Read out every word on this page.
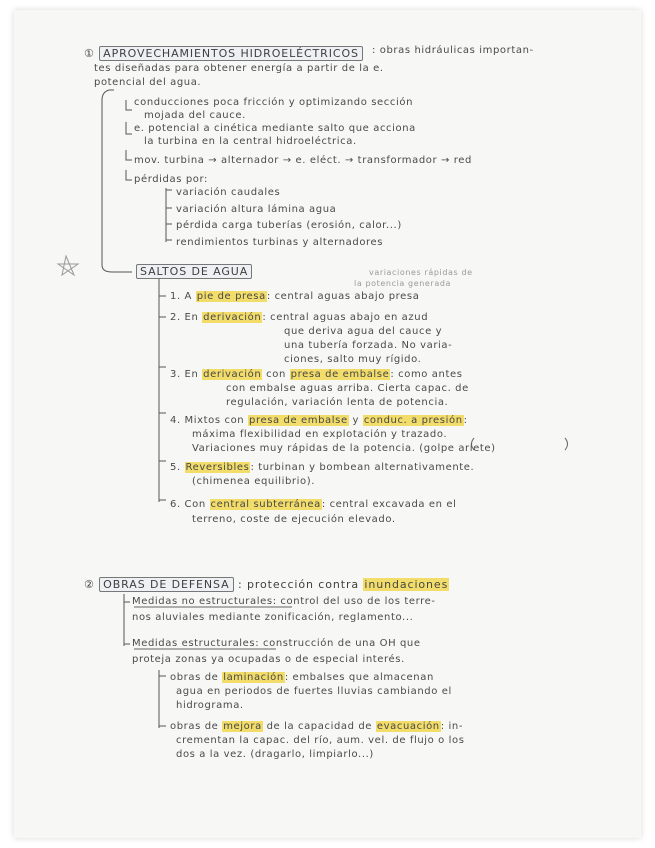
① APROVECHAMIENTOS HIDROELÉCTRICOS	: obras hidráulicas importan-
tes diseñadas para obtener energía a partir de la e.
potencial del agua.
conducciones poca fricción y optimizando sección
mojada del cauce.
e. potencial a cinética mediante salto que acciona
la turbina en la central hidroeléctrica.
mov. turbina → alternador → e. eléct. → transformador → red
pérdidas por:
variación caudales
variación altura lámina agua
pérdida carga tuberías (erosión, calor...)
rendimientos turbinas y alternadores
SALTOS DE AGUA	variaciones rápidas de
la potencia generada
1. A pie de presa: central aguas abajo presa
2. En derivación: central aguas abajo en azud
que deriva agua del cauce y
una tubería forzada. No varia-
ciones, salto muy rígido.
3. En derivación con presa de embalse: como antes
con embalse aguas arriba. Cierta capac. de
regulación, variación lenta de potencia.
4. Mixtos con presa de embalse y conduc. a presión:
máxima flexibilidad en explotación y trazado.
Variaciones muy rápidas de la potencia. (golpe ariete)
5. Reversibles: turbinan y bombean alternativamente.
(chimenea equilibrio).
6. Con central subterránea: central excavada en el
terreno, coste de ejecución elevado.
② OBRAS DE DEFENSA : protección contra inundaciones
Medidas no estructurales: control del uso de los terre-
nos aluviales mediante zonificación, reglamento...
Medidas estructurales: construcción de una OH que
proteja zonas ya ocupadas o de especial interés.
obras de laminación: embalses que almacenan
agua en periodos de fuertes lluvias cambiando el
hidrograma.
obras de mejora de la capacidad de evacuación: in-
crementan la capac. del río, aum. vel. de flujo o los
dos a la vez. (dragarlo, limpiarlo...)
